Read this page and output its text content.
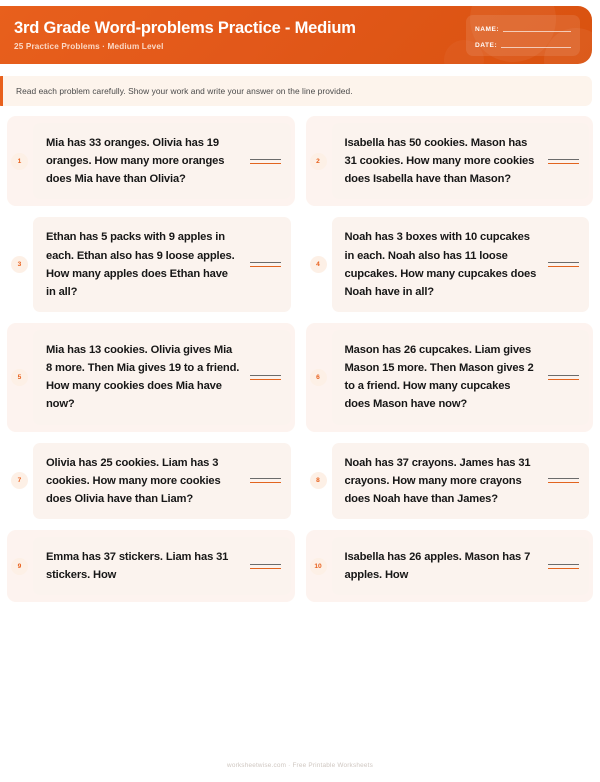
3rd Grade Word-problems Practice - Medium
25 Practice Problems · Medium Level
NAME:
DATE:
Read each problem carefully. Show your work and write your answer on the line provided.
1
Mia has 33 oranges. Olivia has 19 oranges. How many more oranges does Mia have than Olivia?
2
Isabella has 50 cookies. Mason has 31 cookies. How many more cookies does Isabella have than Mason?
3
Ethan has 5 packs with 9 apples in each. Ethan also has 9 loose apples. How many apples does Ethan have in all?
4
Noah has 3 boxes with 10 cupcakes in each. Noah also has 11 loose cupcakes. How many cupcakes does Noah have in all?
5
Mia has 13 cookies. Olivia gives Mia 8 more. Then Mia gives 19 to a friend. How many cookies does Mia have now?
6
Mason has 26 cupcakes. Liam gives Mason 15 more. Then Mason gives 2 to a friend. How many cupcakes does Mason have now?
7
Olivia has 25 cookies. Liam has 3 cookies. How many more cookies does Olivia have than Liam?
8
Noah has 37 crayons. James has 31 crayons. How many more crayons does Noah have than James?
9
Emma has 37 stickers. Liam has 31 stickers. How
10
Isabella has 26 apples. Mason has 7 apples. How
worksheetwise.com · Free Printable Worksheets
